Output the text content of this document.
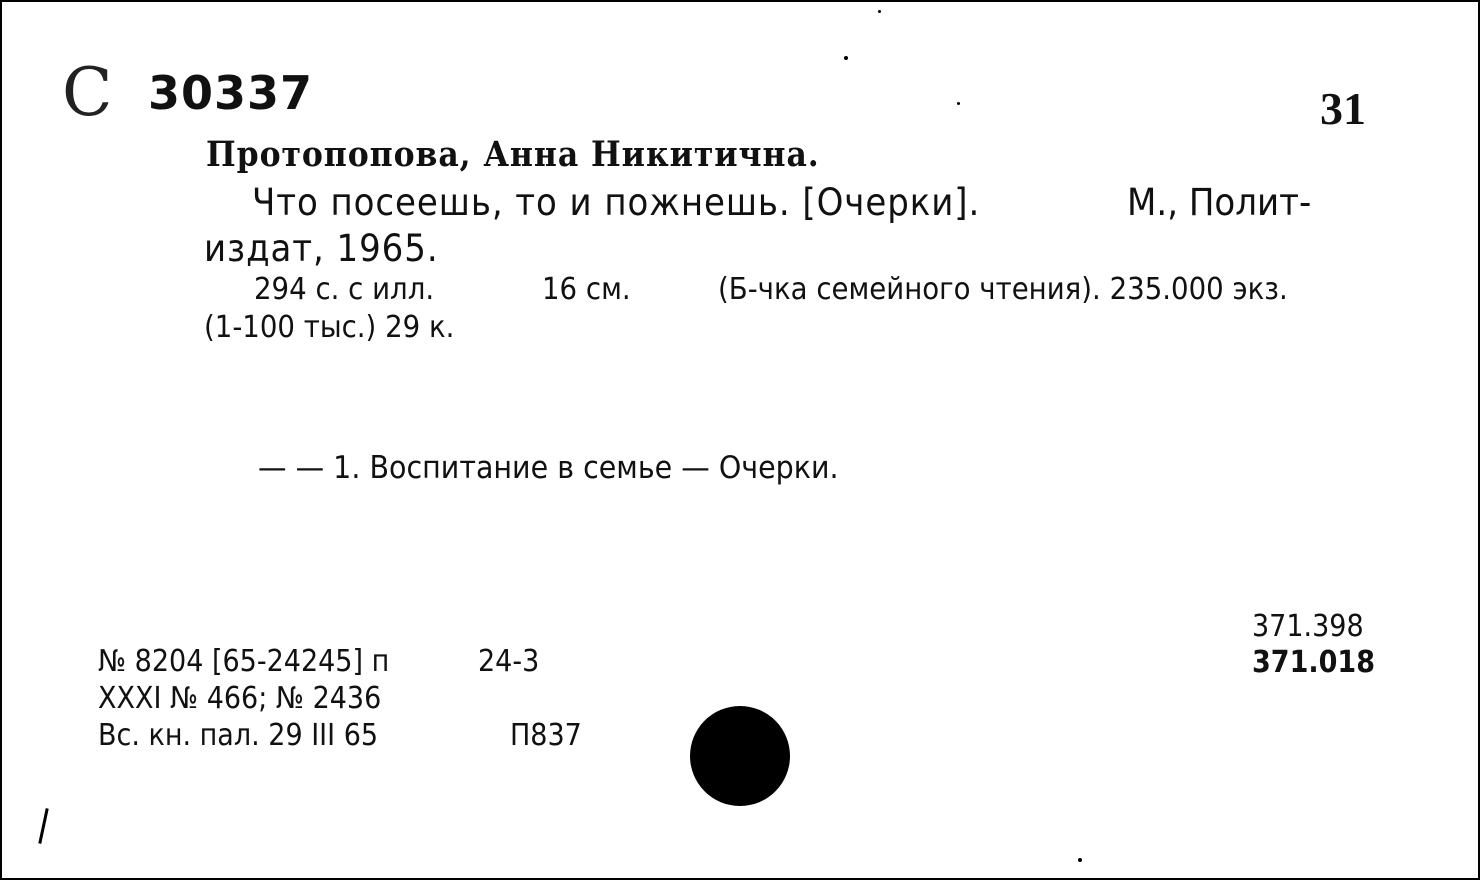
C 30337	31
Протопопова, Анна Никитична.
Что посеешь, то и пожнешь. [Очерки].	М., Полит-
издат, 1965.
294 с. с илл.	16 см.	(Б-чка семейного чтения). 235.000 экз.
(1-100 тыс.) 29 к.
— — 1. Воспитание в семье — Очерки.
371.398
371.018
№ 8204 [65-24245] п	24-3
XXXI № 466; № 2436
Вс. кн. пал. 29 III 65	П837
